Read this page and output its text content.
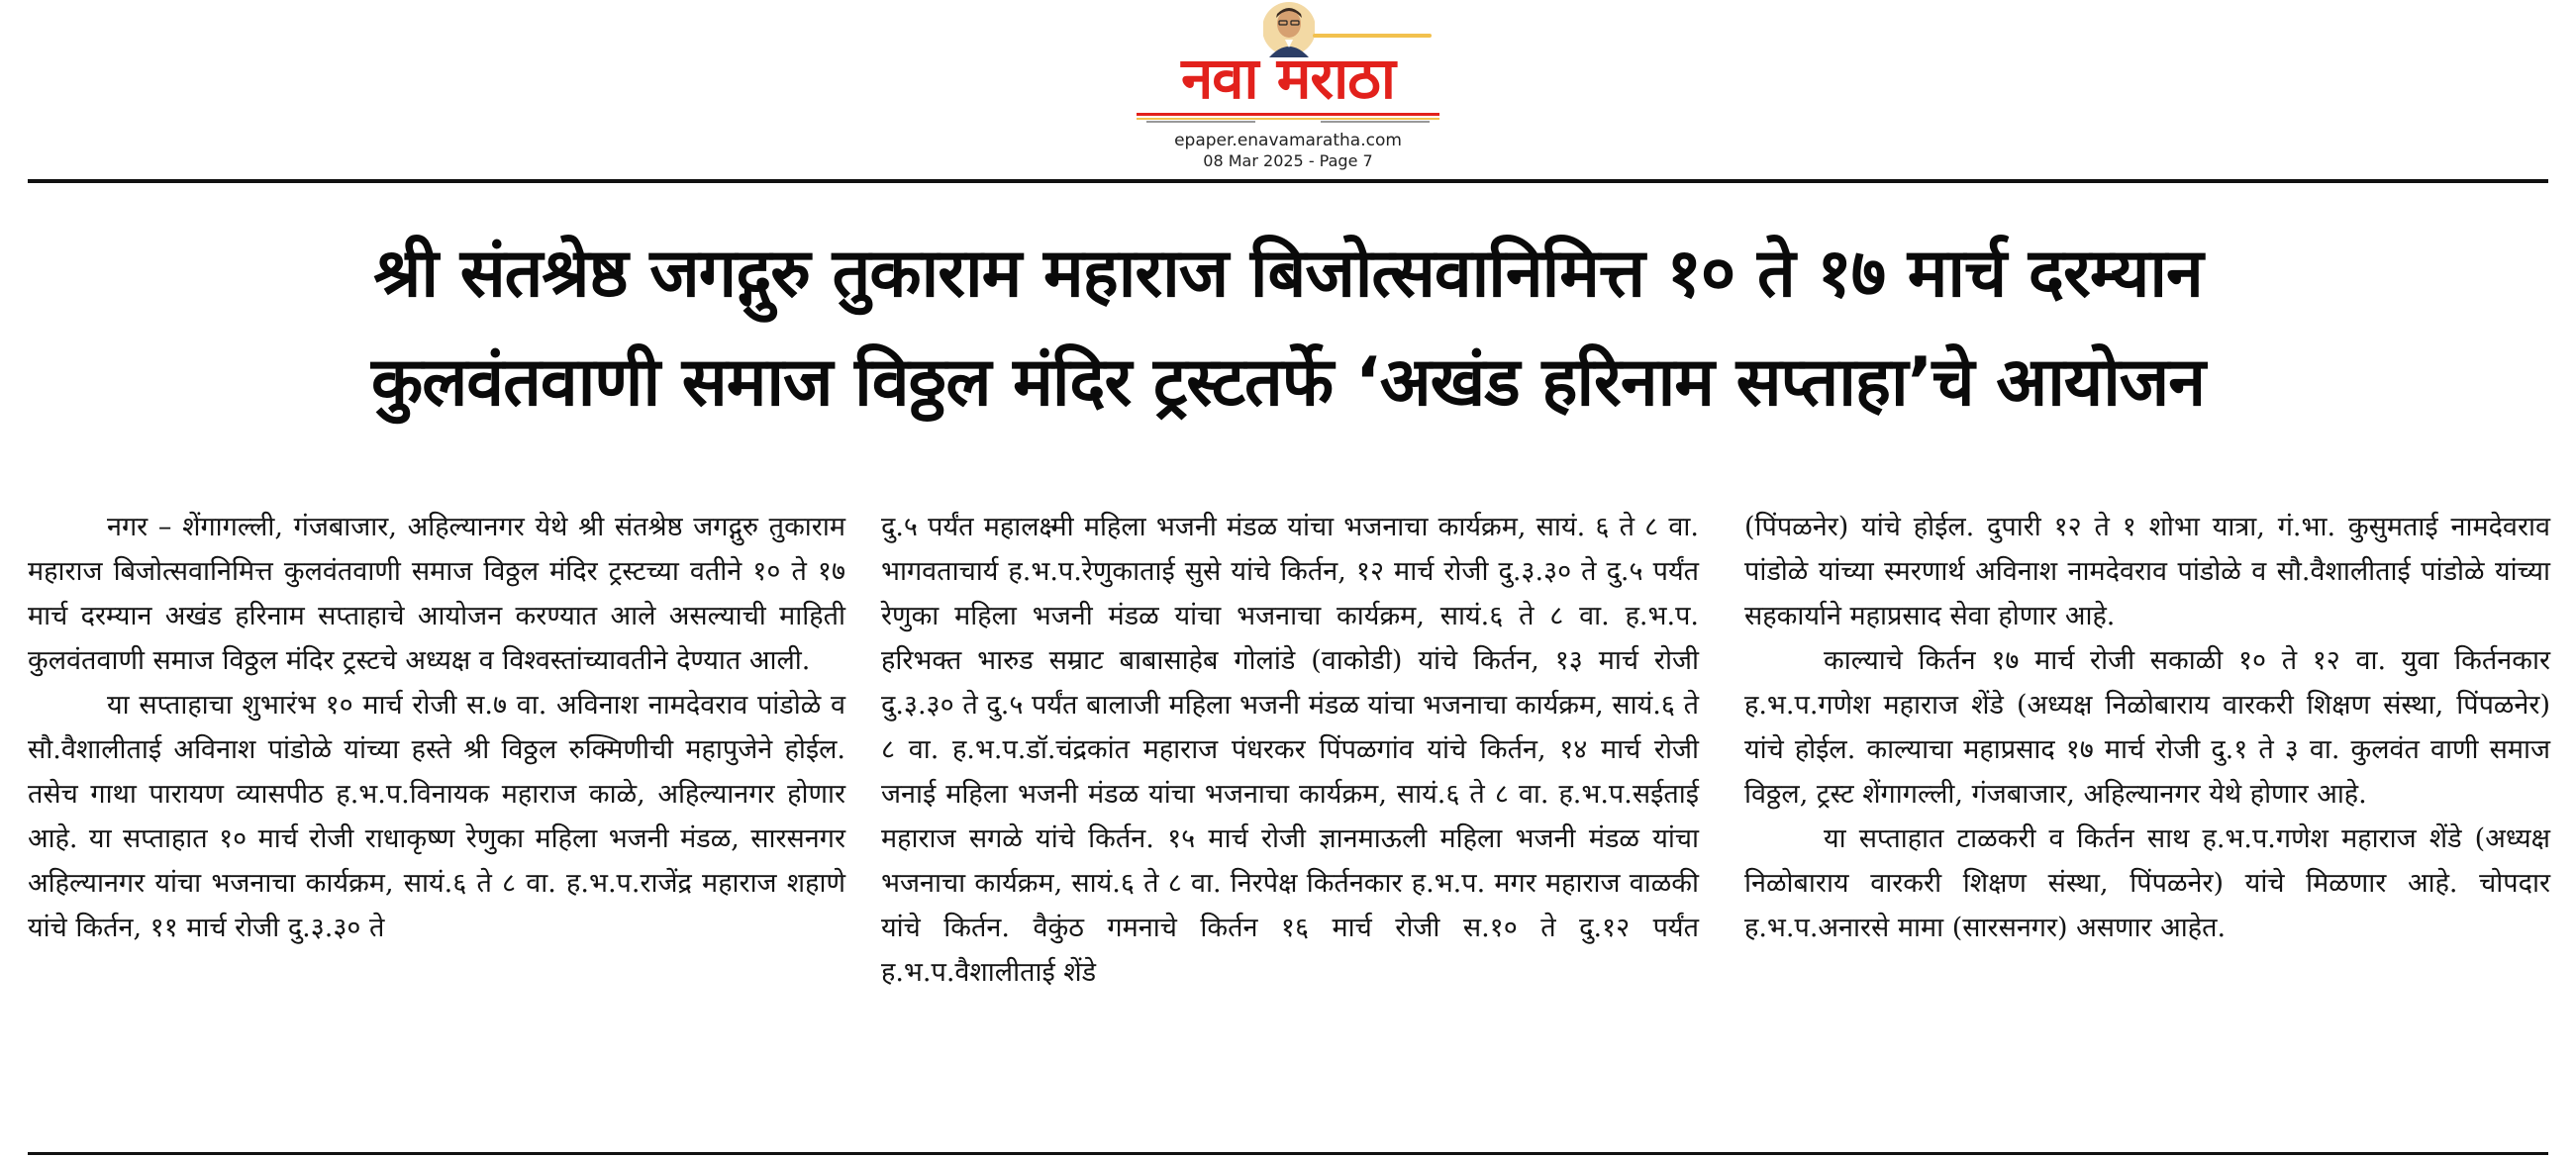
नवा मराठा
epaper.enavamaratha.com
08 Mar 2025 - Page 7
श्री संतश्रेष्ठ जगद्गुरु तुकाराम महाराज बिजोत्सवानिमित्त १० ते १७ मार्च दरम्यान
कुलवंतवाणी समाज विठ्ठल मंदिर ट्रस्टतर्फे ‘अखंड हरिनाम सप्ताहा’चे आयोजन

नगर – शेंगागल्ली, गंजबाजार, अहिल्यानगर येथे श्री संतश्रेष्ठ जगद्गुरु तुकाराम महाराज बिजोत्सवानिमित्त कुलवंतवाणी समाज विठ्ठल मंदिर ट्रस्टच्या वतीने १० ते १७ मार्च दरम्यान अखंड हरिनाम सप्ताहाचे आयोजन करण्यात आले असल्याची माहिती कुलवंतवाणी समाज विठ्ठल मंदिर ट्रस्टचे अध्यक्ष व विश्वस्तांच्यावतीने देण्यात आली.

या सप्ताहाचा शुभारंभ १० मार्च रोजी स.७ वा. अविनाश नामदेवराव पांडोळे व सौ.वैशालीताई अविनाश पांडोळे यांच्या हस्ते श्री विठ्ठल रुक्मिणीची महापुजेने होईल. तसेच गाथा पारायण व्यासपीठ ह.भ.प.विनायक महाराज काळे, अहिल्यानगर होणार आहे. या सप्ताहात १० मार्च रोजी राधाकृष्ण रेणुका महिला भजनी मंडळ, सारसनगर अहिल्यानगर यांचा भजनाचा कार्यक्रम, सायं.६ ते ८ वा. ह.भ.प.राजेंद्र महाराज शहाणे यांचे किर्तन, ११ मार्च रोजी दु.३.३० ते

दु.५ पर्यंत महालक्ष्मी महिला भजनी मंडळ यांचा भजनाचा कार्यक्रम, सायं. ६ ते ८ वा. भागवताचार्य ह.भ.प.रेणुकाताई सुसे यांचे किर्तन, १२ मार्च रोजी दु.३.३० ते दु.५ पर्यंत रेणुका महिला भजनी मंडळ यांचा भजनाचा कार्यक्रम, सायं.६ ते ८ वा. ह.भ.प. हरिभक्त भारुड सम्राट बाबासाहेब गोलांडे (वाकोडी) यांचे किर्तन, १३ मार्च रोजी दु.३.३० ते दु.५ पर्यंत बालाजी महिला भजनी मंडळ यांचा भजनाचा कार्यक्रम, सायं.६ ते ८ वा. ह.भ.प.डॉ.चंद्रकांत महाराज पंधरकर पिंपळगांव यांचे किर्तन, १४ मार्च रोजी जनाई महिला भजनी मंडळ यांचा भजनाचा कार्यक्रम, सायं.६ ते ८ वा. ह.भ.प.सईताई महाराज सगळे यांचे किर्तन. १५ मार्च रोजी ज्ञानमाऊली महिला भजनी मंडळ यांचा भजनाचा कार्यक्रम, सायं.६ ते ८ वा. निरपेक्ष किर्तनकार ह.भ.प. मगर महाराज वाळकी यांचे किर्तन. वैकुंठ गमनाचे किर्तन १६ मार्च रोजी स.१० ते दु.१२ पर्यंत ह.भ.प.वैशालीताई शेंडे

(पिंपळनेर) यांचे होईल. दुपारी १२ ते १ शोभा यात्रा, गं.भा. कुसुमताई नामदेवराव पांडोळे यांच्या स्मरणार्थ अविनाश नामदेवराव पांडोळे व सौ.वैशालीताई पांडोळे यांच्या सहकार्याने महाप्रसाद सेवा होणार आहे.

काल्याचे किर्तन १७ मार्च रोजी सकाळी १० ते १२ वा. युवा किर्तनकार ह.भ.प.गणेश महाराज शेंडे (अध्यक्ष निळोबाराय वारकरी शिक्षण संस्था, पिंपळनेर) यांचे होईल. काल्याचा महाप्रसाद १७ मार्च रोजी दु.१ ते ३ वा. कुलवंत वाणी समाज विठ्ठल, ट्रस्ट शेंगागल्ली, गंजबाजार, अहिल्यानगर येथे होणार आहे.

या सप्ताहात टाळकरी व किर्तन साथ ह.भ.प.गणेश महाराज शेंडे (अध्यक्ष निळोबाराय वारकरी शिक्षण संस्था, पिंपळनेर) यांचे मिळणार आहे. चोपदार ह.भ.प.अनारसे मामा (सारसनगर) असणार आहेत.
